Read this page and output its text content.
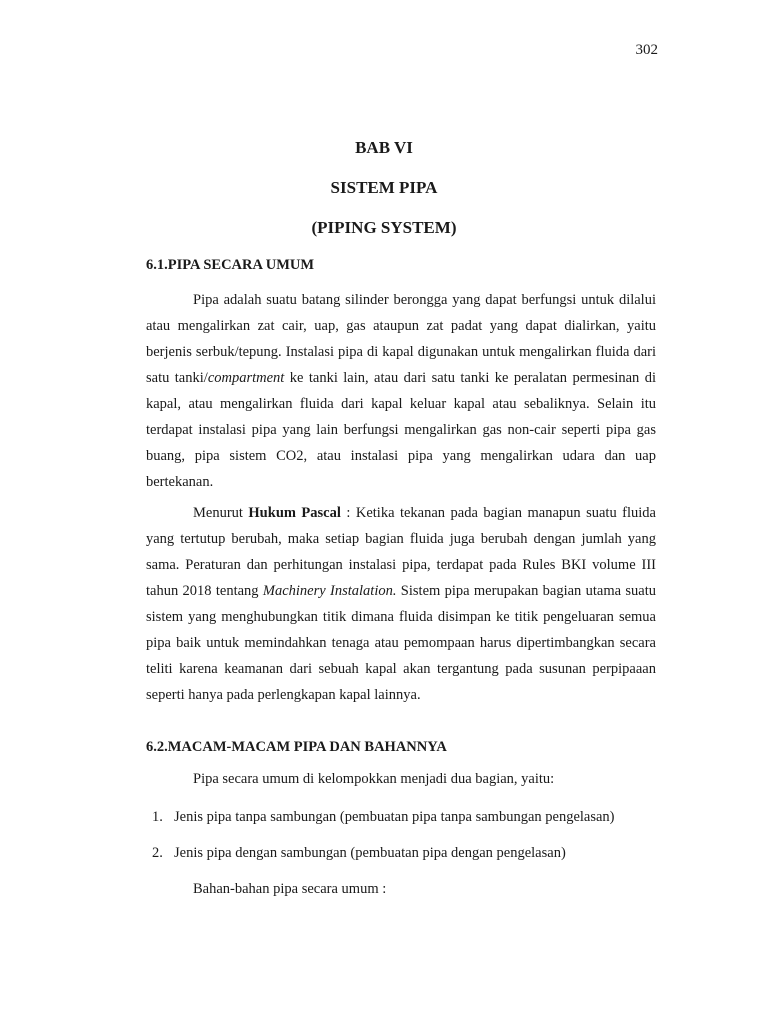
302
BAB VI
SISTEM PIPA
(PIPING SYSTEM)
6.1.PIPA SECARA UMUM

Pipa adalah suatu batang silinder berongga yang dapat berfungsi untuk dilalui atau mengalirkan zat cair, uap, gas ataupun zat padat yang dapat dialirkan, yaitu berjenis serbuk/tepung. Instalasi pipa di kapal digunakan untuk mengalirkan fluida dari satu tanki/compartment ke tanki lain, atau dari satu tanki ke peralatan permesinan di kapal, atau mengalirkan fluida dari kapal keluar kapal atau sebaliknya. Selain itu terdapat instalasi pipa yang lain berfungsi mengalirkan gas non-cair seperti pipa gas buang, pipa sistem CO2, atau instalasi pipa yang mengalirkan udara dan uap bertekanan.

Menurut Hukum Pascal : Ketika tekanan pada bagian manapun suatu fluida yang tertutup berubah, maka setiap bagian fluida juga berubah dengan jumlah yang sama. Peraturan dan perhitungan instalasi pipa, terdapat pada Rules BKI volume III tahun 2018 tentang Machinery Instalation. Sistem pipa merupakan bagian utama suatu sistem yang menghubungkan titik dimana fluida disimpan ke titik pengeluaran semua pipa baik untuk memindahkan tenaga atau pemompaan harus dipertimbangkan secara teliti karena keamanan dari sebuah kapal akan tergantung pada susunan perpipaaan seperti hanya pada perlengkapan kapal lainnya.

6.2.MACAM-MACAM PIPA DAN BAHANNYA

Pipa secara umum di kelompokkan menjadi dua bagian, yaitu:

1. Jenis pipa tanpa sambungan (pembuatan pipa tanpa sambungan pengelasan)
2. Jenis pipa dengan sambungan (pembuatan pipa dengan pengelasan)

Bahan-bahan pipa secara umum :
